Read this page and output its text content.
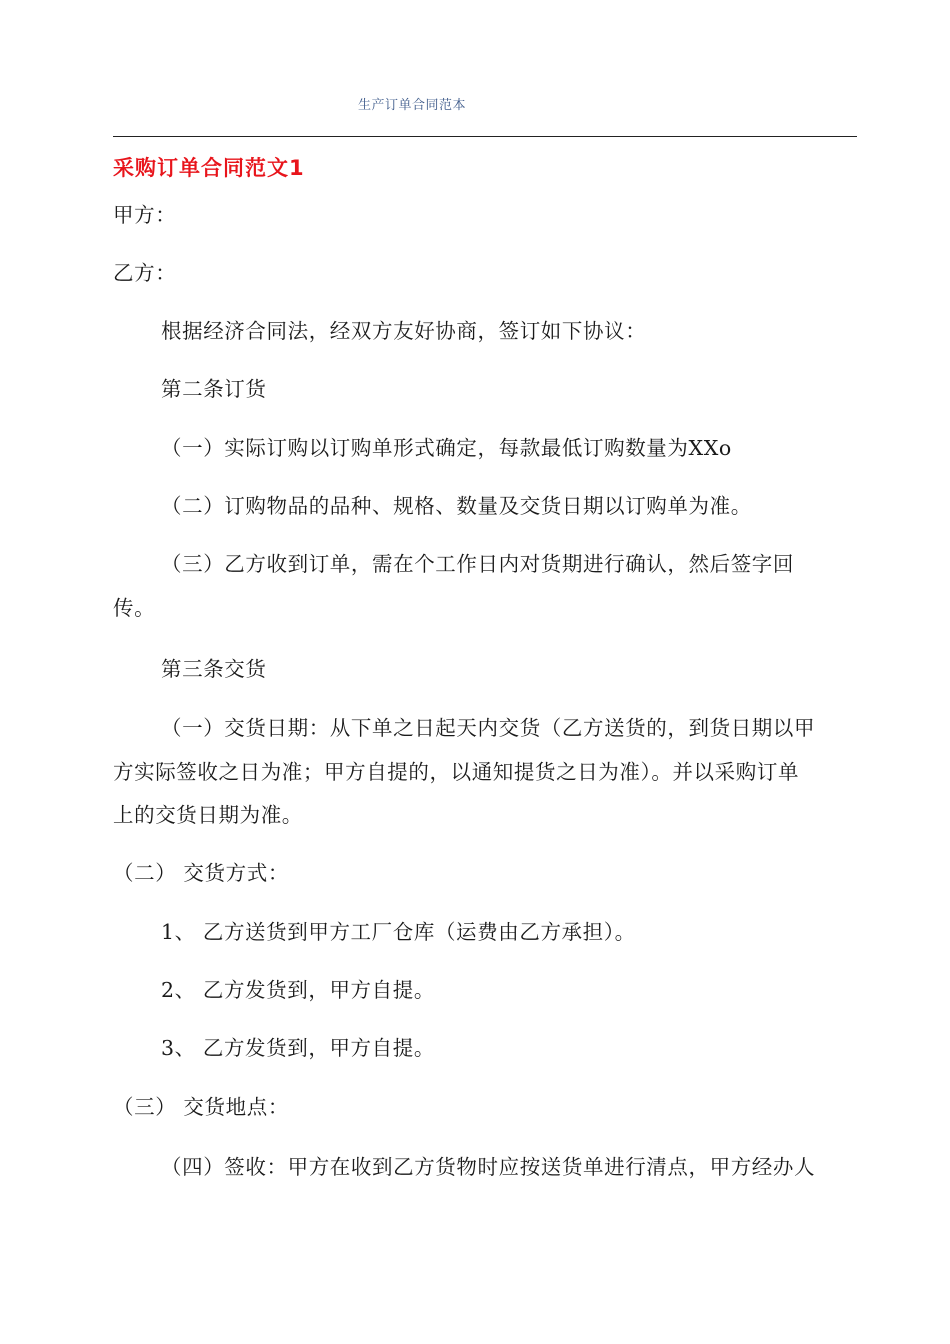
生产订单合同范本
采购订单合同范文1
甲方：
乙方：
根据经济合同法，经双方友好协商，签订如下协议：
第二条订货
（一）实际订购以订购单形式确定，每款最低订购数量为XXo
（二）订购物品的品种、规格、数量及交货日期以订购单为准。
（三）乙方收到订单，需在个工作日内对货期进行确认，然后签字回
传。
第三条交货
（一）交货日期：从下单之日起天内交货（乙方送货的，到货日期以甲
方实际签收之日为准；甲方自提的，以通知提货之日为准）。并以采购订单
上的交货日期为准。
（二） 交货方式：
1、 乙方送货到甲方工厂仓库（运费由乙方承担）。
2、 乙方发货到，甲方自提。
3、 乙方发货到，甲方自提。
（三） 交货地点：
（四）签收：甲方在收到乙方货物时应按送货单进行清点，甲方经办人
